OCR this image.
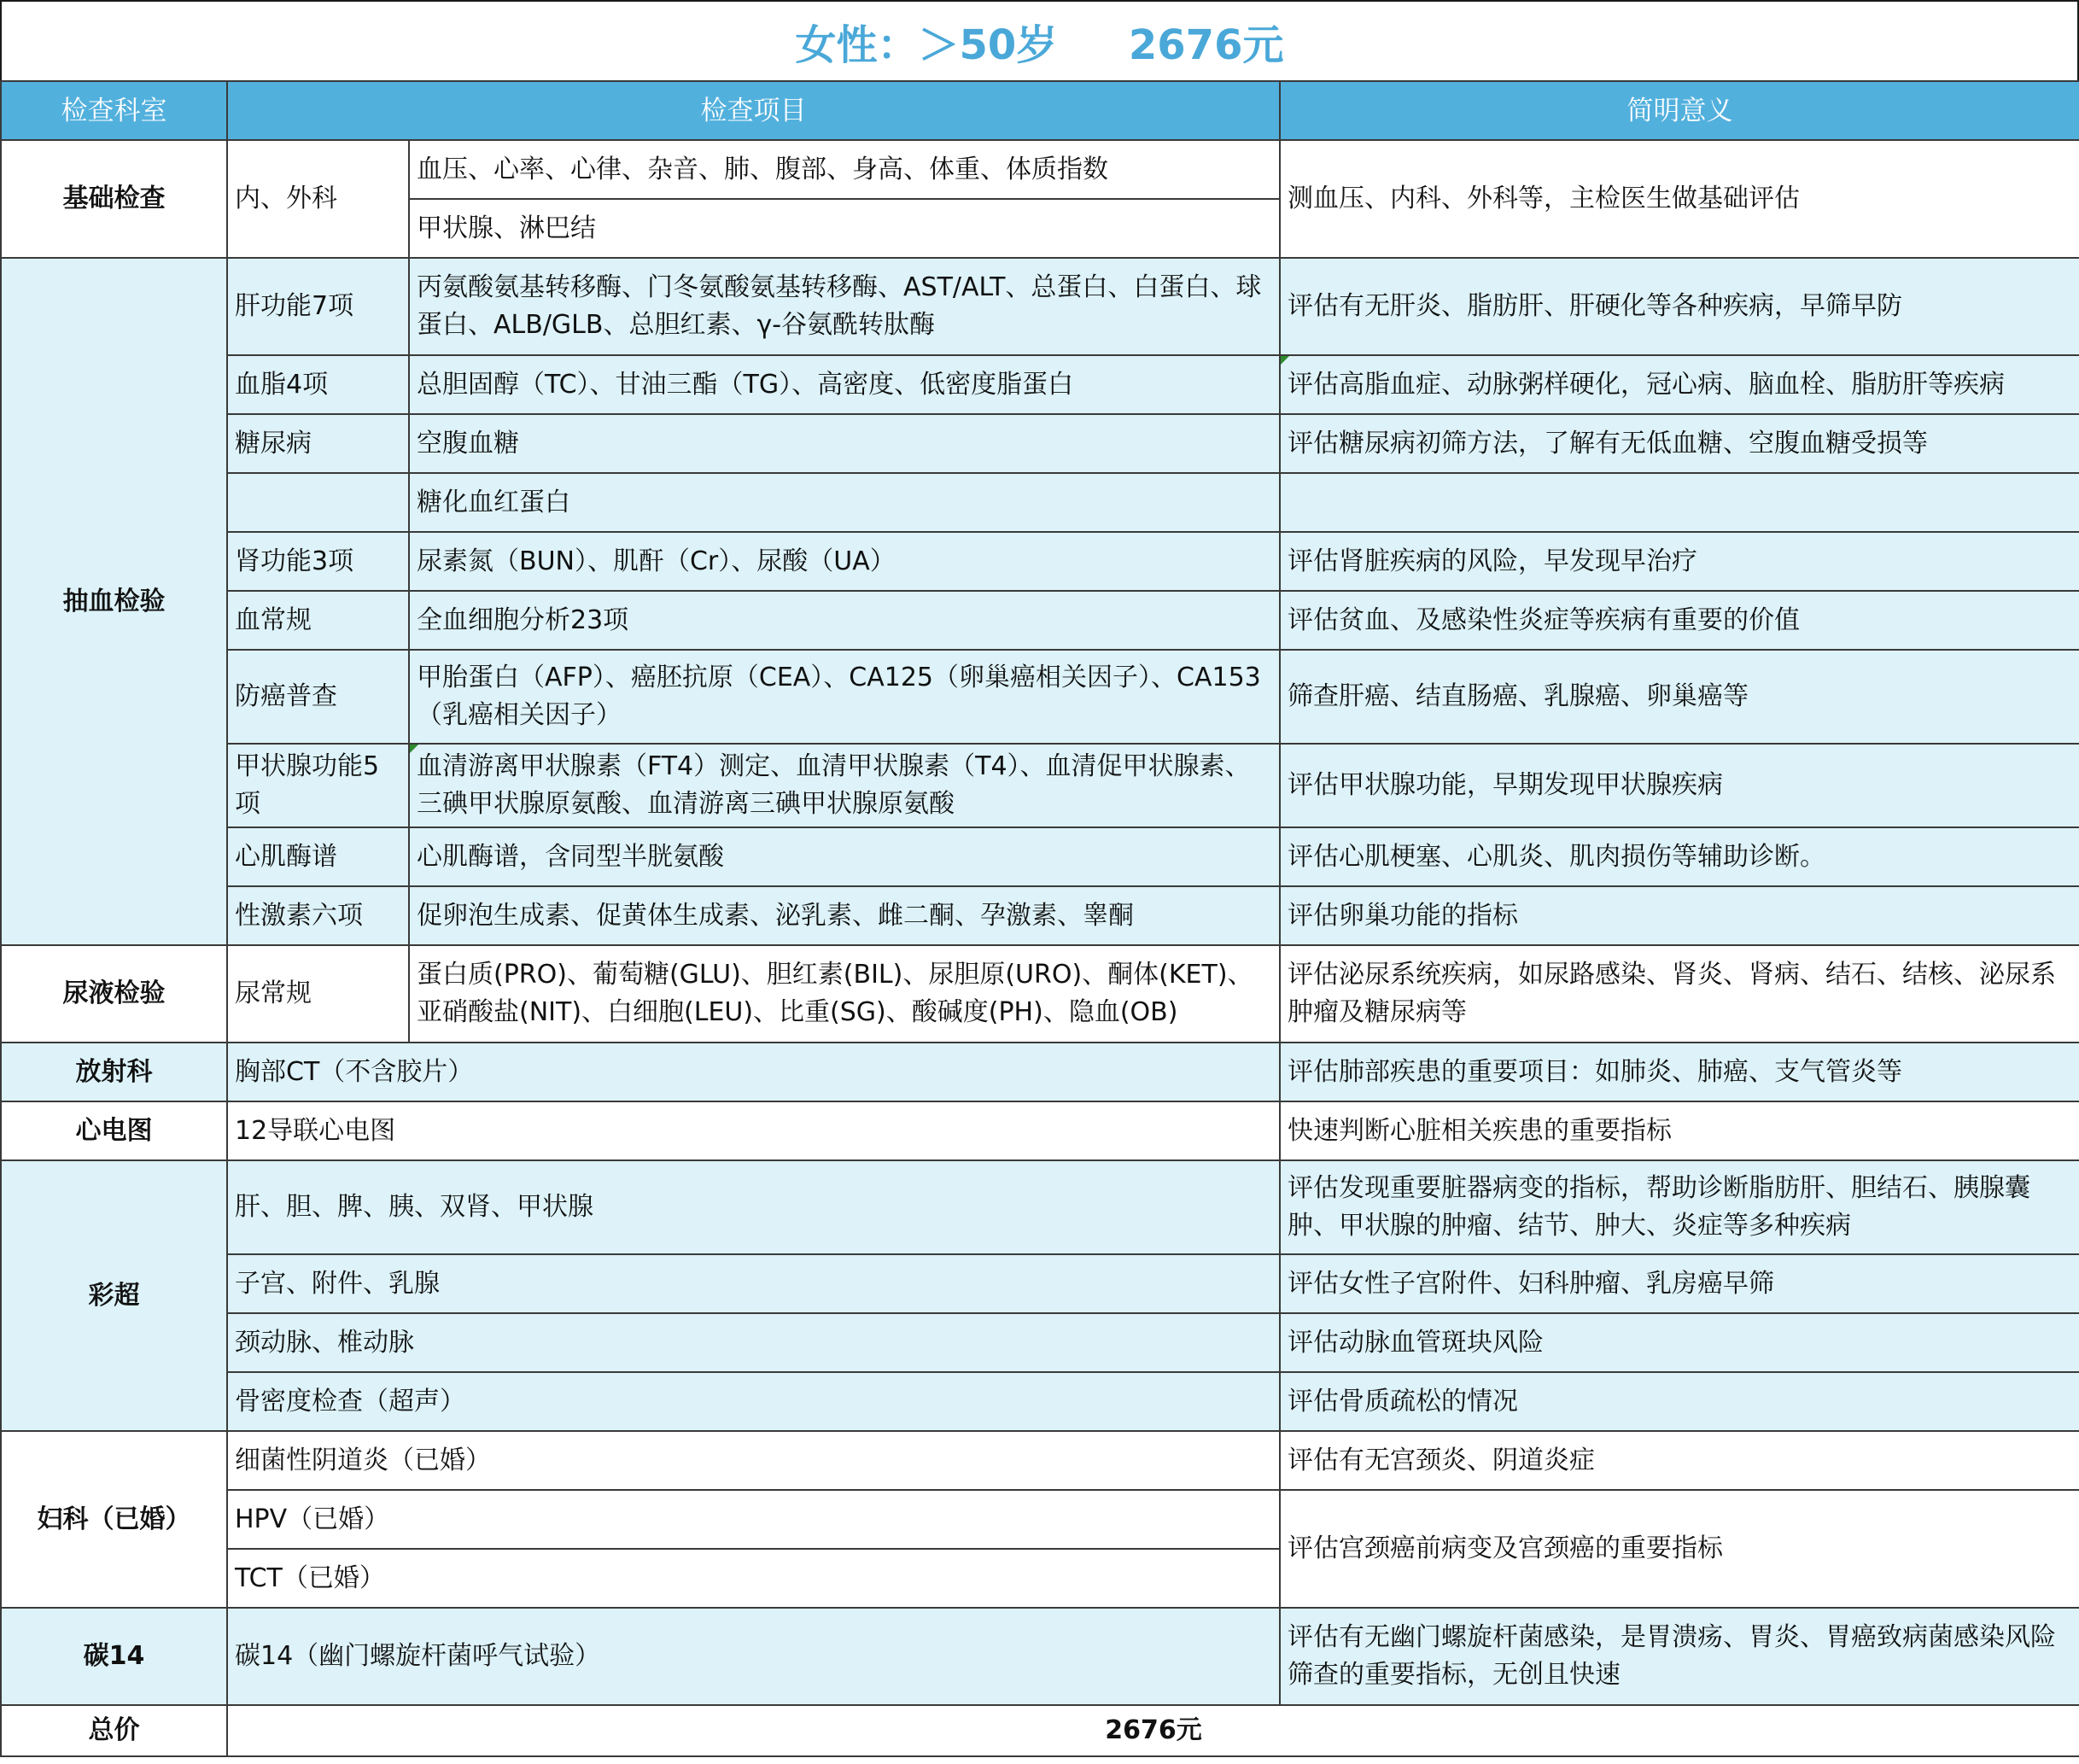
女性：＞50岁     2676元
检查科室	检查项目		简明意义
基础检查	内、外科	血压、心率、心律、杂音、肺、腹部、身高、体重、体质指数	测血压、内科、外科等，主检医生做基础评估
		甲状腺、淋巴结	
抽血检验	肝功能7项	丙氨酸氨基转移酶、门冬氨酸氨基转移酶、AST/ALT、总蛋白、白蛋白、球蛋白、ALB/GLB、总胆红素、γ-谷氨酰转肽酶	评估有无肝炎、脂肪肝、肝硬化等各种疾病，早筛早防
	血脂4项	总胆固醇（TC）、甘油三酯（TG）、高密度、低密度脂蛋白	评估高脂血症、动脉粥样硬化，冠心病、脑血栓、脂肪肝等疾病
	糖尿病	空腹血糖	评估糖尿病初筛方法，了解有无低血糖、空腹血糖受损等
		糖化血红蛋白	
	肾功能3项	尿素氮（BUN）、肌酐（Cr）、尿酸（UA）	评估肾脏疾病的风险，早发现早治疗
	血常规	全血细胞分析23项	评估贫血、及感染性炎症等疾病有重要的价值
	防癌普查	甲胎蛋白（AFP）、癌胚抗原（CEA）、CA125（卵巢癌相关因子）、CA153（乳癌相关因子）	筛查肝癌、结直肠癌、乳腺癌、卵巢癌等
	甲状腺功能5项	血清游离甲状腺素（FT4）测定、血清甲状腺素（T4）、血清促甲状腺素、三碘甲状腺原氨酸、血清游离三碘甲状腺原氨酸	评估甲状腺功能，早期发现甲状腺疾病
	心肌酶谱	心肌酶谱，含同型半胱氨酸	评估心肌梗塞、心肌炎、肌肉损伤等辅助诊断。
	性激素六项	促卵泡生成素、促黄体生成素、泌乳素、雌二酮、孕激素、睾酮	评估卵巢功能的指标
尿液检验	尿常规	蛋白质(PRO)、葡萄糖(GLU)、胆红素(BIL)、尿胆原(URO)、酮体(KET)、亚硝酸盐(NIT)、白细胞(LEU)、比重(SG)、酸碱度(PH)、隐血(OB)	评估泌尿系统疾病，如尿路感染、肾炎、肾病、结石、结核、泌尿系肿瘤及糖尿病等
放射科	胸部CT（不含胶片）		评估肺部疾患的重要项目：如肺炎、肺癌、支气管炎等
心电图	12导联心电图		快速判断心脏相关疾患的重要指标
彩超	肝、胆、脾、胰、双肾、甲状腺		评估发现重要脏器病变的指标，帮助诊断脂肪肝、胆结石、胰腺囊肿、甲状腺的肿瘤、结节、肿大、炎症等多种疾病
	子宫、附件、乳腺		评估女性子宫附件、妇科肿瘤、乳房癌早筛
	颈动脉、椎动脉		评估动脉血管斑块风险
	骨密度检查（超声）		评估骨质疏松的情况
妇科（已婚）	细菌性阴道炎（已婚）		评估有无宫颈炎、阴道炎症
	HPV（已婚）		评估宫颈癌前病变及宫颈癌的重要指标
	TCT（已婚）		
碳14	碳14（幽门螺旋杆菌呼气试验）		评估有无幽门螺旋杆菌感染，是胃溃疡、胃炎、胃癌致病菌感染风险筛查的重要指标，无创且快速
总价	2676元		
